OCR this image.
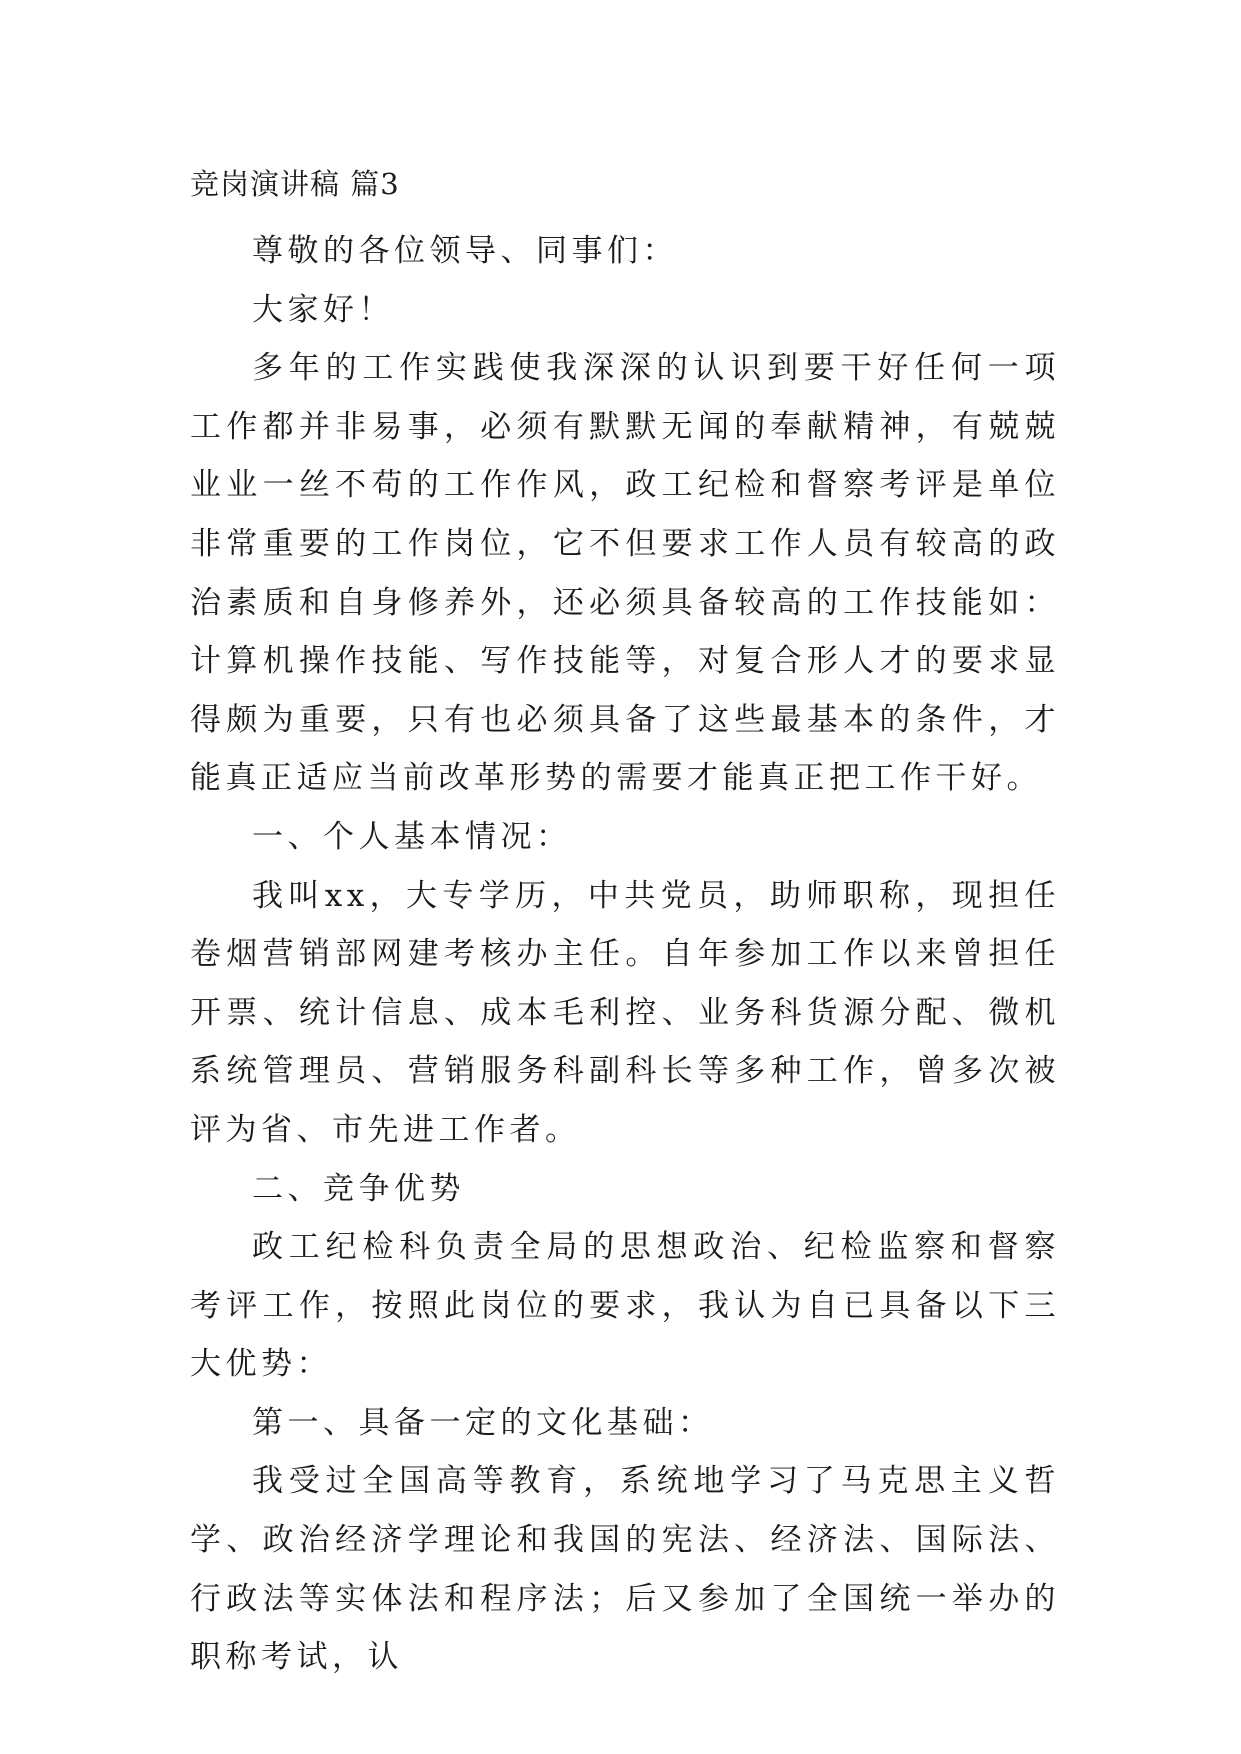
竞岗演讲稿 篇3

尊敬的各位领导、同事们：

大家好！

多年的工作实践使我深深的认识到要干好任何一项工作都并非易事，必须有默默无闻的奉献精神，有兢兢业业一丝不苟的工作作风，政工纪检和督察考评是单位非常重要的工作岗位，它不但要求工作人员有较高的政治素质和自身修养外，还必须具备较高的工作技能如：计算机操作技能、写作技能等，对复合形人才的要求显得颇为重要，只有也必须具备了这些最基本的条件，才能真正适应当前改革形势的需要才能真正把工作干好。

一、个人基本情况：

我叫xx，大专学历，中共党员，助师职称，现担任卷烟营销部网建考核办主任。自年参加工作以来曾担任开票、统计信息、成本毛利控、业务科货源分配、微机系统管理员、营销服务科副科长等多种工作，曾多次被评为省、市先进工作者。

二、竞争优势

政工纪检科负责全局的思想政治、纪检监察和督察考评工作，按照此岗位的要求，我认为自已具备以下三大优势：

第一、具备一定的文化基础：

我受过全国高等教育，系统地学习了马克思主义哲学、政治经济学理论和我国的宪法、经济法、国际法、行政法等实体法和程序法；后又参加了全国统一举办的职称考试，认
